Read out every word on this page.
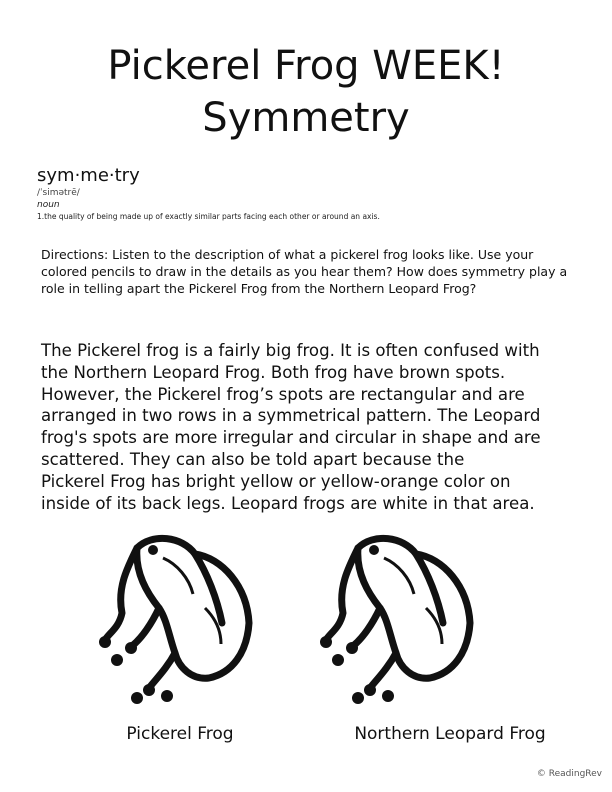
Pickerel Frog WEEK!
Symmetry

sym·me·try

/ˈsimətrē/
noun
1.the quality of being made up of exactly similar parts facing each other or around an axis.

Directions: Listen to the description of what a pickerel frog looks like. Use your colored pencils to draw in the details as you hear them? How does symmetry play a role in telling apart the Pickerel Frog from the Northern Leopard Frog?

The Pickerel frog is a fairly big frog. It is often confused with
the Northern Leopard Frog. Both frog have brown spots.
However, the Pickerel frog’s spots are rectangular and are
arranged in two rows in a symmetrical pattern. The Leopard
frog's spots are more irregular and circular in shape and are
scattered. They can also be told apart because the
Pickerel Frog has bright yellow or yellow-orange color on
inside of its back legs. Leopard frogs are white in that area.

Pickerel Frog	Northern Leopard Frog

© ReadingRev
